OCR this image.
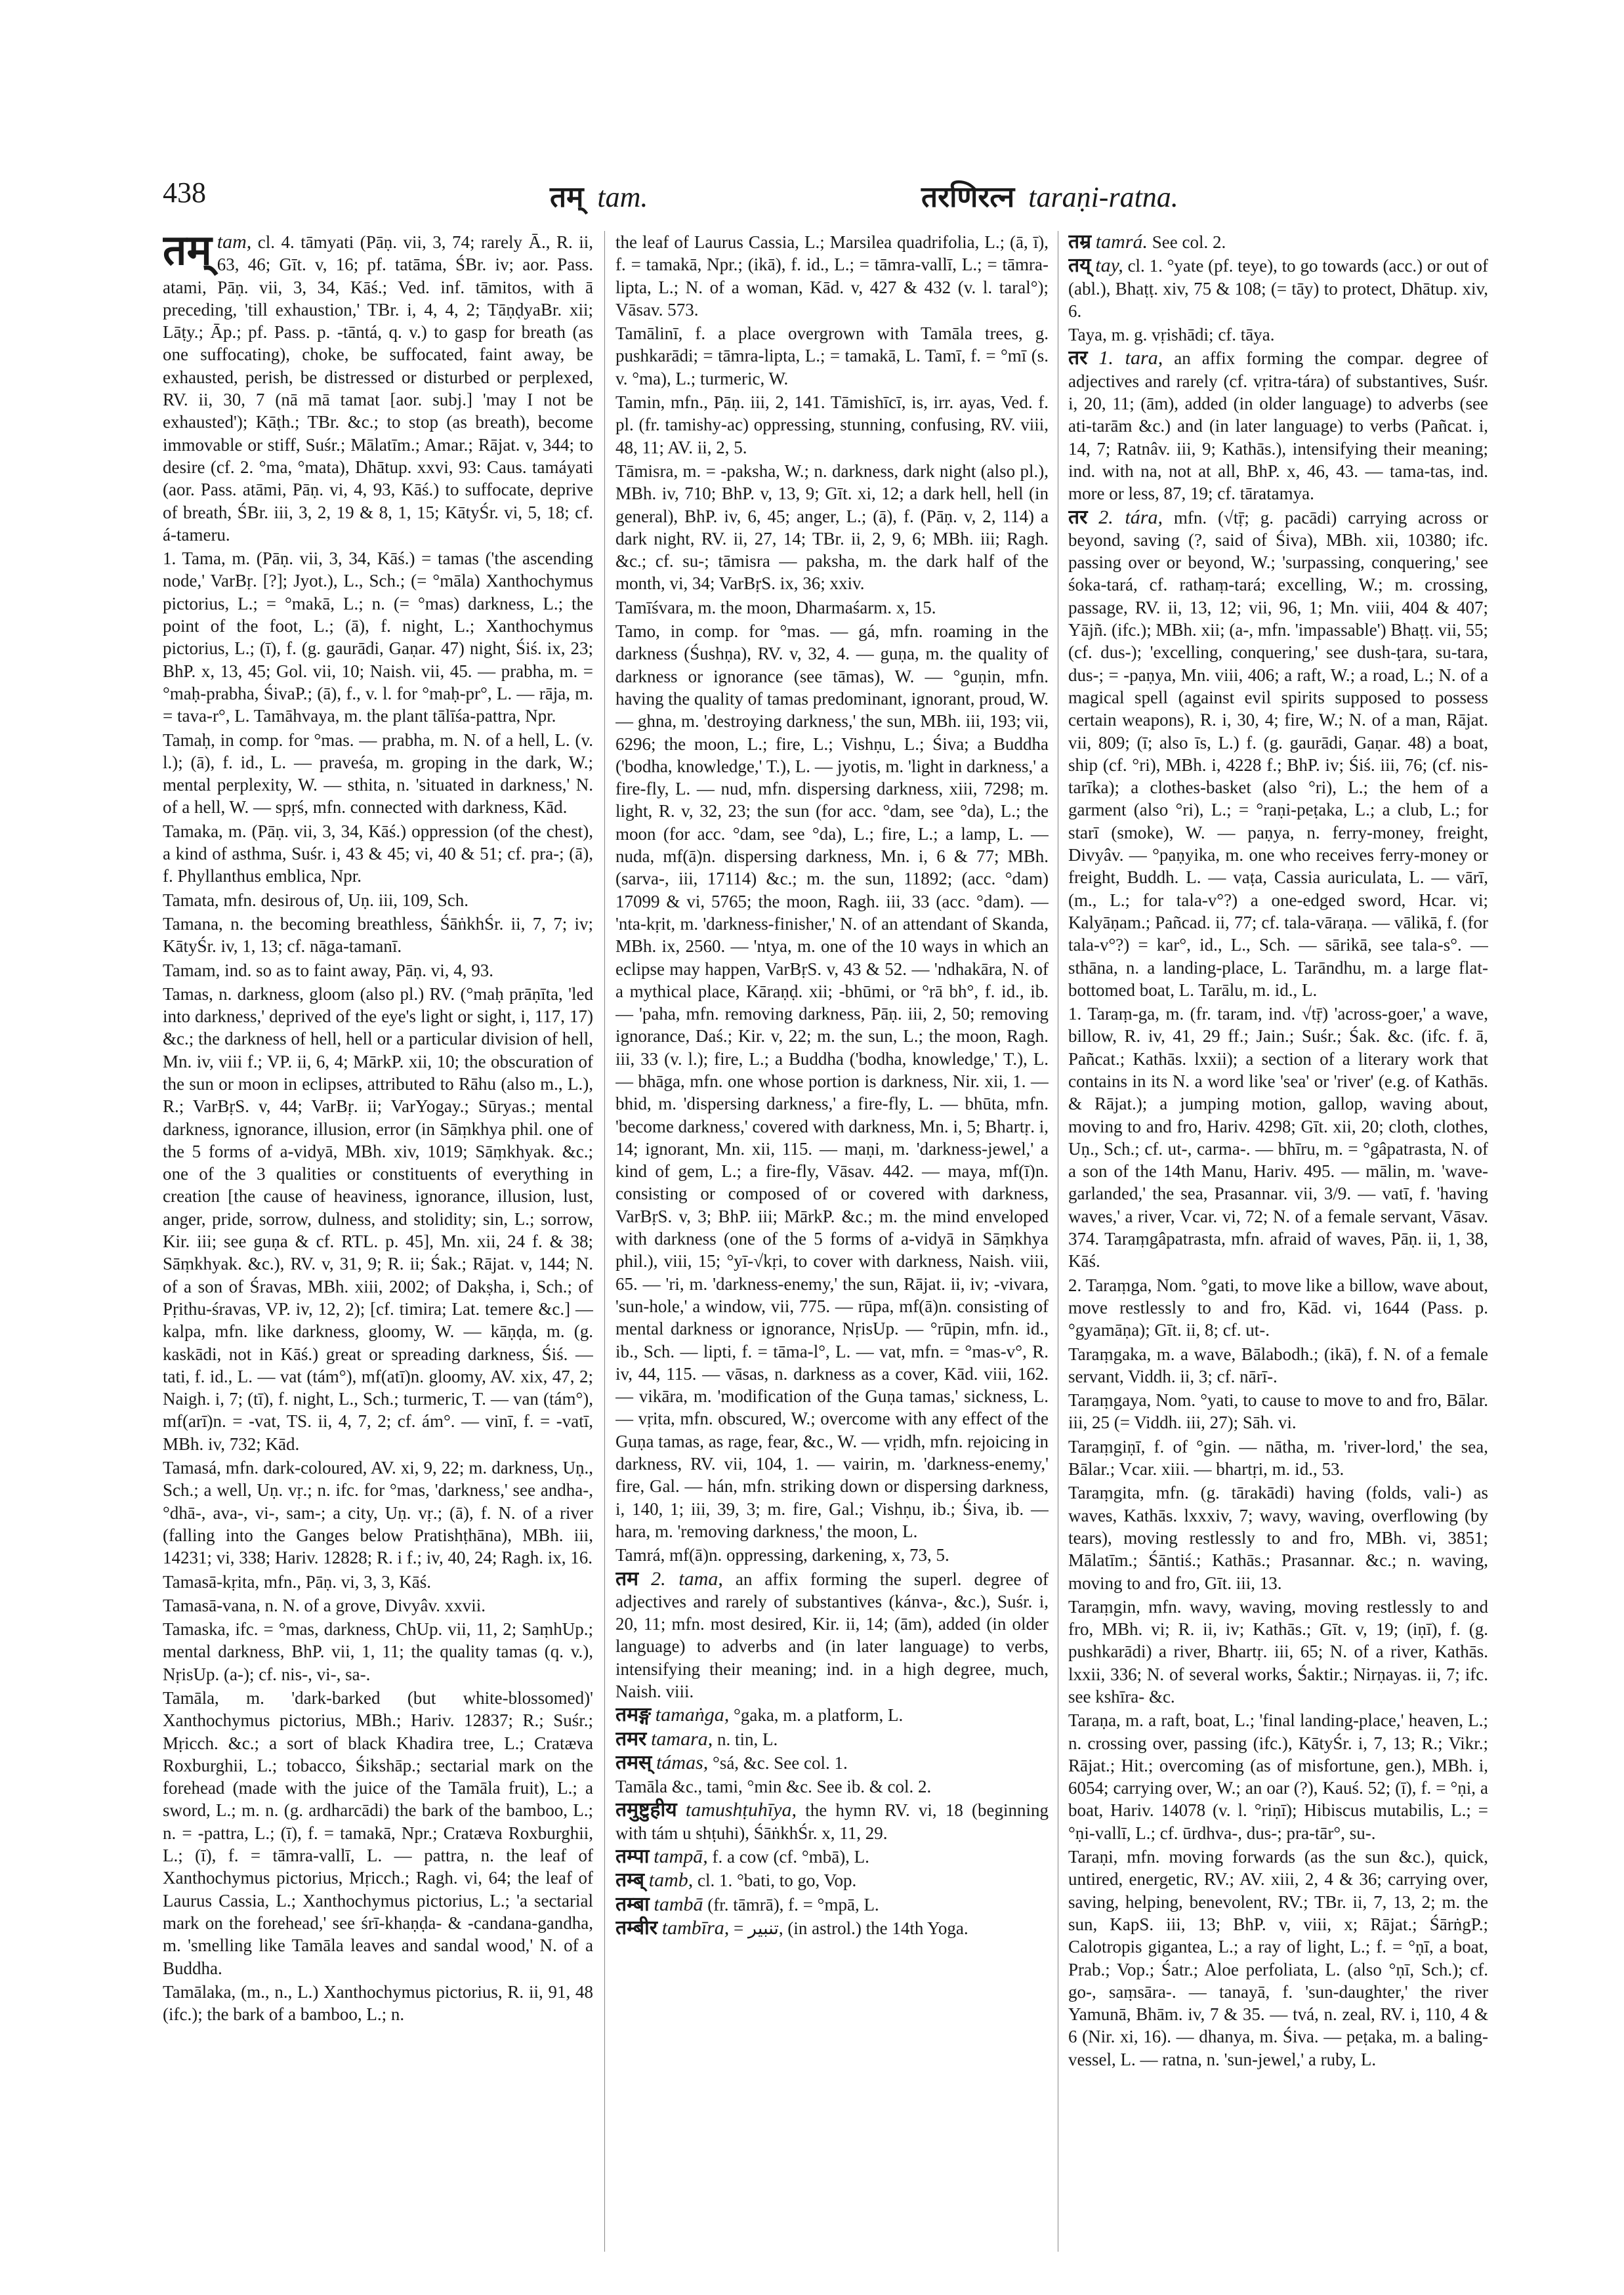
438	तम् tam.	तरणिरत्न taraṇi-ratna.

तम् tam, cl. 4. tāmyati (Pāṇ. vii, 3, 74; rarely Ā., R. ii, 63, 46; Gīt. v, 16; pf. tatāma, ŚBr. iv; aor. Pass. atami, Pāṇ. vii, 3, 34, Kāś.; Ved. inf. tāmitos, with ā preceding, 'till exhaustion,' TBr. i, 4, 4, 2; TāṇḍyaBr. xii; Lāṭy.; Āp.; pf. Pass. p. -tāntá, q. v.) to gasp for breath (as one suffocating), choke, be suffocated, faint away, be exhausted, perish, be distressed or disturbed or perplexed, RV. ii, 30, 7 (nā mā tamat [aor. subj.] 'may I not be exhausted'); Kāṭh.; TBr. &c.; to stop (as breath), become immovable or stiff, Suśr.; Mālatīm.; Amar.; Rājat. v, 344; to desire (cf. 2. °ma, °mata), Dhātup. xxvi, 93: Caus. tamáyati (aor. Pass. atāmi, Pāṇ. vi, 4, 93, Kāś.) to suffocate, deprive of breath, ŚBr. iii, 3, 2, 19 & 8, 1, 15; KātyŚr. vi, 5, 18; cf. á-tameru.

1. Tama, m. (Pāṇ. vii, 3, 34, Kāś.) = tamas ('the ascending node,' VarBṛ. [?]; Jyot.), L., Sch.; (= °māla) Xanthochymus pictorius, L.; = °makā, L.; n. (= °mas) darkness, L.; the point of the foot, L.; (ā), f. night, L.; Xanthochymus pictorius, L.; (ī), f. (g. gaurādi, Gaṇar. 47) night, Śiś. ix, 23; BhP. x, 13, 45; Gol. vii, 10; Naish. vii, 45. — prabha, m. = °maḥ-prabha, ŚivaP.; (ā), f., v. l. for °maḥ-pr°, L. — rāja, m. = tava-r°, L. Tamāhvaya, m. the plant tālīśa-pattra, Npr.

Tamaḥ, in comp. for °mas. — prabha, m. N. of a hell, L. (v. l.); (ā), f. id., L. — praveśa, m. groping in the dark, W.; mental perplexity, W. — sthita, n. 'situated in darkness,' N. of a hell, W. — spṛś, mfn. connected with darkness, Kād.

Tamaka, m. (Pāṇ. vii, 3, 34, Kāś.) oppression (of the chest), a kind of asthma, Suśr. i, 43 & 45; vi, 40 & 51; cf. pra-; (ā), f. Phyllanthus emblica, Npr.

Tamata, mfn. desirous of, Uṇ. iii, 109, Sch.

Tamana, n. the becoming breathless, ŚāṅkhŚr. ii, 7, 7; iv; KātyŚr. iv, 1, 13; cf. nāga-tamanī.

Tamam, ind. so as to faint away, Pāṇ. vi, 4, 93.

Tamas, n. darkness, gloom (also pl.) RV. (°maḥ prāṇīta, 'led into darkness,' deprived of the eye's light or sight, i, 117, 17) &c.; the darkness of hell, hell or a particular division of hell, Mn. iv, viii f.; VP. ii, 6, 4; MārkP. xii, 10; the obscuration of the sun or moon in eclipses, attributed to Rāhu (also m., L.), R.; VarBṛS. v, 44; VarBṛ. ii; VarYogay.; Sūryas.; mental darkness, ignorance, illusion, error (in Sāṃkhya phil. one of the 5 forms of a-vidyā, MBh. xiv, 1019; Sāṃkhyak. &c.; one of the 3 qualities or constituents of everything in creation [the cause of heaviness, ignorance, illusion, lust, anger, pride, sorrow, dulness, and stolidity; sin, L.; sorrow, Kir. iii; see guṇa & cf. RTL. p. 45], Mn. xii, 24 f. & 38; Sāṃkhyak. &c.), RV. v, 31, 9; R. ii; Śak.; Rājat. v, 144; N. of a son of Śravas, MBh. xiii, 2002; of Dakṣha, i, Sch.; of Pṛithu-śravas, VP. iv, 12, 2); [cf. timira; Lat. temere &c.] — kalpa, mfn. like darkness, gloomy, W. — kāṇḍa, m. (g. kaskādi, not in Kāś.) great or spreading darkness, Śiś. — tati, f. id., L. — vat (tám°), mf(atī)n. gloomy, AV. xix, 47, 2; Naigh. i, 7; (tī), f. night, L., Sch.; turmeric, T. — van (tám°), mf(arī)n. = -vat, TS. ii, 4, 7, 2; cf. ám°. — vinī, f. = -vatī, MBh. iv, 732; Kād.

Tamasá, mfn. dark-coloured, AV. xi, 9, 22; m. darkness, Uṇ., Sch.; a well, Uṇ. vṛ.; n. ifc. for °mas, 'darkness,' see andha-, °dhā-, ava-, vi-, sam-; a city, Uṇ. vṛ.; (ā), f. N. of a river (falling into the Ganges below Pratishṭhāna), MBh. iii, 14231; vi, 338; Hariv. 12828; R. i f.; iv, 40, 24; Ragh. ix, 16.

Tamasā-kṛita, mfn., Pāṇ. vi, 3, 3, Kāś.

Tamasā-vana, n. N. of a grove, Divyâv. xxvii.

Tamaska, ifc. = °mas, darkness, ChUp. vii, 11, 2; SaṃhUp.; mental darkness, BhP. vii, 1, 11; the quality tamas (q. v.), NṛisUp. (a-); cf. nis-, vi-, sa-.

Tamāla, m. 'dark-barked (but white-blossomed)' Xanthochymus pictorius, MBh.; Hariv. 12837; R.; Suśr.; Mṛicch. &c.; a sort of black Khadira tree, L.; Cratæva Roxburghii, L.; tobacco, Śikshāp.; sectarial mark on the forehead (made with the juice of the Tamāla fruit), L.; a sword, L.; m. n. (g. ardharcādi) the bark of the bamboo, L.; n. = -pattra, L.; (ī), f. = tamakā, Npr.; Cratæva Roxburghii, L.; (ī), f. = tāmra-vallī, L. — pattra, n. the leaf of Xanthochymus pictorius, Mṛicch.; Ragh. vi, 64; the leaf of Laurus Cassia, L.; Xanthochymus pictorius, L.; 'a sectarial mark on the forehead,' see śrī-khaṇḍa- & -candana-gandha, m. 'smelling like Tamāla leaves and sandal wood,' N. of a Buddha.

Tamālaka, (m., n., L.) Xanthochymus pictorius, R. ii, 91, 48 (ifc.); the bark of a bamboo, L.; n.

the leaf of Laurus Cassia, L.; Marsilea quadrifolia, L.; (ā, ī), f. = tamakā, Npr.; (ikā), f. id., L.; = tāmra-vallī, L.; = tāmra-lipta, L.; N. of a woman, Kād. v, 427 & 432 (v. l. taral°); Vāsav. 573.

Tamālinī, f. a place overgrown with Tamāla trees, g. pushkarādi; = tāmra-lipta, L.; = tamakā, L. Tamī, f. = °mī (s. v. °ma), L.; turmeric, W.

Tamin, mfn., Pāṇ. iii, 2, 141. Tāmishīcī, is, irr. ayas, Ved. f. pl. (fr. tamishy-ac) oppressing, stunning, confusing, RV. viii, 48, 11; AV. ii, 2, 5.

Tāmisra, m. = -paksha, W.; n. darkness, dark night (also pl.), MBh. iv, 710; BhP. v, 13, 9; Gīt. xi, 12; a dark hell, hell (in general), BhP. iv, 6, 45; anger, L.; (ā), f. (Pāṇ. v, 2, 114) a dark night, RV. ii, 27, 14; TBr. ii, 2, 9, 6; MBh. iii; Ragh. &c.; cf. su-; tāmisra — paksha, m. the dark half of the month, vi, 34; VarBṛS. ix, 36; xxiv.

Tamīśvara, m. the moon, Dharmaśarm. x, 15.

Tamo, in comp. for °mas. — gá, mfn. roaming in the darkness (Śushṇa), RV. v, 32, 4. — guṇa, m. the quality of darkness or ignorance (see tāmas), W. — °guṇin, mfn. having the quality of tamas predominant, ignorant, proud, W. — ghna, m. 'destroying darkness,' the sun, MBh. iii, 193; vii, 6296; the moon, L.; fire, L.; Vishṇu, L.; Śiva; a Buddha ('bodha, knowledge,' T.), L. — jyotis, m. 'light in darkness,' a fire-fly, L. — nud, mfn. dispersing darkness, xiii, 7298; m. light, R. v, 32, 23; the sun (for acc. °dam, see °da), L.; the moon (for acc. °dam, see °da), L.; fire, L.; a lamp, L. — nuda, mf(ā)n. dispersing darkness, Mn. i, 6 & 77; MBh. (sarva-, iii, 17114) &c.; m. the sun, 11892; (acc. °dam) 17099 & vi, 5765; the moon, Ragh. iii, 33 (acc. °dam). — 'nta-kṛit, m. 'darkness-finisher,' N. of an attendant of Skanda, MBh. ix, 2560. — 'ntya, m. one of the 10 ways in which an eclipse may happen, VarBṛS. v, 43 & 52. — 'ndhakāra, N. of a mythical place, Kāraṇḍ. xii; -bhūmi, or °rā bh°, f. id., ib. — 'paha, mfn. removing darkness, Pāṇ. iii, 2, 50; removing ignorance, Daś.; Kir. v, 22; m. the sun, L.; the moon, Ragh. iii, 33 (v. l.); fire, L.; a Buddha ('bodha, knowledge,' T.), L. — bhāga, mfn. one whose portion is darkness, Nir. xii, 1. — bhid, m. 'dispersing darkness,' a fire-fly, L. — bhūta, mfn. 'become darkness,' covered with darkness, Mn. i, 5; Bhartṛ. i, 14; ignorant, Mn. xii, 115. — maṇi, m. 'darkness-jewel,' a kind of gem, L.; a fire-fly, Vāsav. 442. — maya, mf(ī)n. consisting or composed of or covered with darkness, VarBṛS. v, 3; BhP. iii; MārkP. &c.; m. the mind enveloped with darkness (one of the 5 forms of a-vidyā in Sāṃkhya phil.), viii, 15; °yī-√kṛi, to cover with darkness, Naish. viii, 65. — 'ri, m. 'darkness-enemy,' the sun, Rājat. ii, iv; -vivara, 'sun-hole,' a window, vii, 775. — rūpa, mf(ā)n. consisting of mental darkness or ignorance, NṛisUp. — °rūpin, mfn. id., ib., Sch. — lipti, f. = tāma-l°, L. — vat, mfn. = °mas-v°, R. iv, 44, 115. — vāsas, n. darkness as a cover, Kād. viii, 162. — vikāra, m. 'modification of the Guṇa tamas,' sickness, L. — vṛita, mfn. obscured, W.; overcome with any effect of the Guṇa tamas, as rage, fear, &c., W. — vṛidh, mfn. rejoicing in darkness, RV. vii, 104, 1. — vairin, m. 'darkness-enemy,' fire, Gal. — hán, mfn. striking down or dispersing darkness, i, 140, 1; iii, 39, 3; m. fire, Gal.; Vishṇu, ib.; Śiva, ib. — hara, m. 'removing darkness,' the moon, L.

Tamrá, mf(ā)n. oppressing, darkening, x, 73, 5.

तम 2. tama, an affix forming the superl. degree of adjectives and rarely of substantives (kánva-, &c.), Suśr. i, 20, 11; mfn. most desired, Kir. ii, 14; (ām), added (in older language) to adverbs and (in later language) to verbs, intensifying their meaning; ind. in a high degree, much, Naish. viii.

तमङ्ग tamaṅga, °gaka, m. a platform, L.

तमर tamara, n. tin, L.

तमस् támas, °sá, &c. See col. 1.

Tamāla &c., tami, °min &c. See ib. & col. 2.

तमुष्टुहीय tamushṭuhīya, the hymn RV. vi, 18 (beginning with tám u shṭuhi), ŚāṅkhŚr. x, 11, 29.

तम्पा tampā, f. a cow (cf. °mbā), L.

तम्ब् tamb, cl. 1. °bati, to go, Vop.

तम्बा tambā (fr. tāmrā), f. = °mpā, L.

तम्बीर tambīra, = تنبير, (in astrol.) the 14th Yoga.

तम्र tamrá. See col. 2.

तय् tay, cl. 1. °yate (pf. teye), to go towards (acc.) or out of (abl.), Bhaṭṭ. xiv, 75 & 108; (= tāy) to protect, Dhātup. xiv, 6.

Taya, m. g. vṛishādi; cf. tāya.

तर 1. tara, an affix forming the compar. degree of adjectives and rarely (cf. vṛitra-tára) of substantives, Suśr. i, 20, 11; (ām), added (in older language) to adverbs (see ati-tarām &c.) and (in later language) to verbs (Pañcat. i, 14, 7; Ratnâv. iii, 9; Kathās.), intensifying their meaning; ind. with na, not at all, BhP. x, 46, 43. — tama-tas, ind. more or less, 87, 19; cf. tāratamya.

तर 2. tára, mfn. (√tṝ; g. pacādi) carrying across or beyond, saving (?, said of Śiva), MBh. xii, 10380; ifc. passing over or beyond, W.; 'surpassing, conquering,' see śoka-tará, cf. rathaṃ-tará; excelling, W.; m. crossing, passage, RV. ii, 13, 12; vii, 96, 1; Mn. viii, 404 & 407; Yājñ. (ifc.); MBh. xii; (a-, mfn. 'impassable') Bhaṭṭ. vii, 55; (cf. dus-); 'excelling, conquering,' see dush-ṭara, su-tara, dus-; = -paṇya, Mn. viii, 406; a raft, W.; a road, L.; N. of a magical spell (against evil spirits supposed to possess certain weapons), R. i, 30, 4; fire, W.; N. of a man, Rājat. vii, 809; (ī; also īs, L.) f. (g. gaurādi, Gaṇar. 48) a boat, ship (cf. °ri), MBh. i, 4228 f.; BhP. iv; Śiś. iii, 76; (cf. nis-tarīka); a clothes-basket (also °ri), L.; the hem of a garment (also °ri), L.; = °raṇi-peṭaka, L.; a club, L.; for starī (smoke), W. — paṇya, n. ferry-money, freight, Divyâv. — °paṇyika, m. one who receives ferry-money or freight, Buddh. L. — vaṭa, Cassia auriculata, L. — vārī, (m., L.; for tala-v°?) a one-edged sword, Hcar. vi; Kalyāṇam.; Pañcad. ii, 77; cf. tala-vāraṇa. — vālikā, f. (for tala-v°?) = kar°, id., L., Sch. — sārikā, see tala-s°. — sthāna, n. a landing-place, L. Tarāndhu, m. a large flat-bottomed boat, L. Tarālu, m. id., L.

1. Taraṃ-ga, m. (fr. taram, ind. √tṝ) 'across-goer,' a wave, billow, R. iv, 41, 29 ff.; Jain.; Suśr.; Śak. &c. (ifc. f. ā, Pañcat.; Kathās. lxxii); a section of a literary work that contains in its N. a word like 'sea' or 'river' (e.g. of Kathās. & Rājat.); a jumping motion, gallop, waving about, moving to and fro, Hariv. 4298; Gīt. xii, 20; cloth, clothes, Uṇ., Sch.; cf. ut-, carma-. — bhīru, m. = °gâpatrasta, N. of a son of the 14th Manu, Hariv. 495. — mālin, m. 'wave-garlanded,' the sea, Prasannar. vii, 3/9. — vatī, f. 'having waves,' a river, Vcar. vi, 72; N. of a female servant, Vāsav. 374. Taraṃgâpatrasta, mfn. afraid of waves, Pāṇ. ii, 1, 38, Kāś.

2. Taraṃga, Nom. °gati, to move like a billow, wave about, move restlessly to and fro, Kād. vi, 1644 (Pass. p. °gyamāṇa); Gīt. ii, 8; cf. ut-.

Taraṃgaka, m. a wave, Bālabodh.; (ikā), f. N. of a female servant, Viddh. ii, 3; cf. nārī-.

Taraṃgaya, Nom. °yati, to cause to move to and fro, Bālar. iii, 25 (= Viddh. iii, 27); Sāh. vi.

Taraṃgiṇī, f. of °gin. — nātha, m. 'river-lord,' the sea, Bālar.; Vcar. xiii. — bhartṛi, m. id., 53.

Taraṃgita, mfn. (g. tārakādi) having (folds, vali-) as waves, Kathās. lxxxiv, 7; wavy, waving, overflowing (by tears), moving restlessly to and fro, MBh. vi, 3851; Mālatīm.; Śāntiś.; Kathās.; Prasannar. &c.; n. waving, moving to and fro, Gīt. iii, 13.

Taraṃgin, mfn. wavy, waving, moving restlessly to and fro, MBh. vi; R. ii, iv; Kathās.; Gīt. v, 19; (iṇī), f. (g. pushkarādi) a river, Bhartṛ. iii, 65; N. of a river, Kathās. lxxii, 336; N. of several works, Śaktir.; Nirṇayas. ii, 7; ifc. see kshīra- &c.

Taraṇa, m. a raft, boat, L.; 'final landing-place,' heaven, L.; n. crossing over, passing (ifc.), KātyŚr. i, 7, 13; R.; Vikr.; Rājat.; Hit.; overcoming (as of misfortune, gen.), MBh. i, 6054; carrying over, W.; an oar (?), Kauś. 52; (ī), f. = °ṇi, a boat, Hariv. 14078 (v. l. °riṇī); Hibiscus mutabilis, L.; = °ṇi-vallī, L.; cf. ūrdhva-, dus-; pra-tār°, su-.

Taraṇi, mfn. moving forwards (as the sun &c.), quick, untired, energetic, RV.; AV. xiii, 2, 4 & 36; carrying over, saving, helping, benevolent, RV.; TBr. ii, 7, 13, 2; m. the sun, KapS. iii, 13; BhP. v, viii, x; Rājat.; ŚārṅgP.; Calotropis gigantea, L.; a ray of light, L.; f. = °ṇī, a boat, Prab.; Vop.; Śatr.; Aloe perfoliata, L. (also °ṇī, Sch.); cf. go-, saṃsāra-. — tanayā, f. 'sun-daughter,' the river Yamunā, Bhām. iv, 7 & 35. — tvá, n. zeal, RV. i, 110, 4 & 6 (Nir. xi, 16). — dhanya, m. Śiva. — peṭaka, m. a baling-vessel, L. — ratna, n. 'sun-jewel,' a ruby, L.
